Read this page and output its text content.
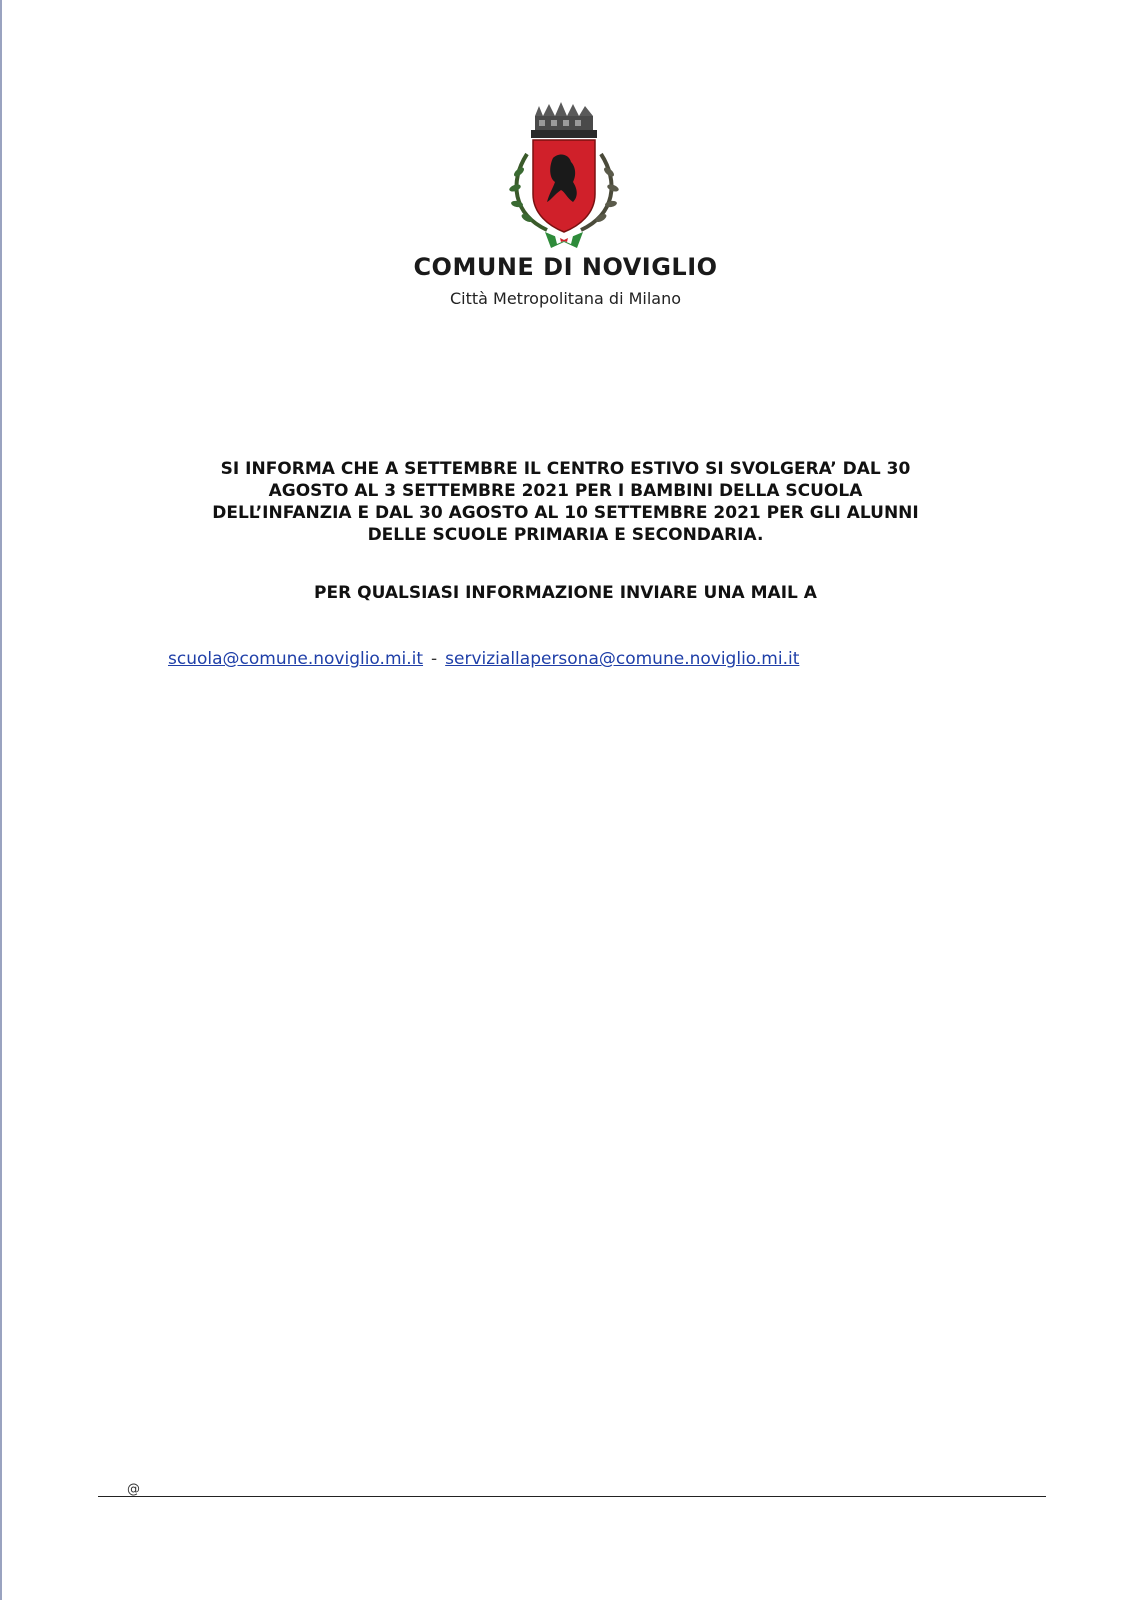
COMUNE DI NOVIGLIO
Città Metropolitana di Milano
SI INFORMA CHE A SETTEMBRE IL CENTRO ESTIVO SI SVOLGERA’ DAL 30
AGOSTO AL 3 SETTEMBRE 2021 PER I BAMBINI DELLA SCUOLA
DELL’INFANZIA E DAL 30 AGOSTO AL 10 SETTEMBRE 2021 PER GLI ALUNNI
DELLE SCUOLE PRIMARIA E SECONDARIA.
PER QUALSIASI INFORMAZIONE INVIARE UNA MAIL A
scuola@comune.noviglio.mi.it - serviziallapersona@comune.noviglio.mi.it
@
